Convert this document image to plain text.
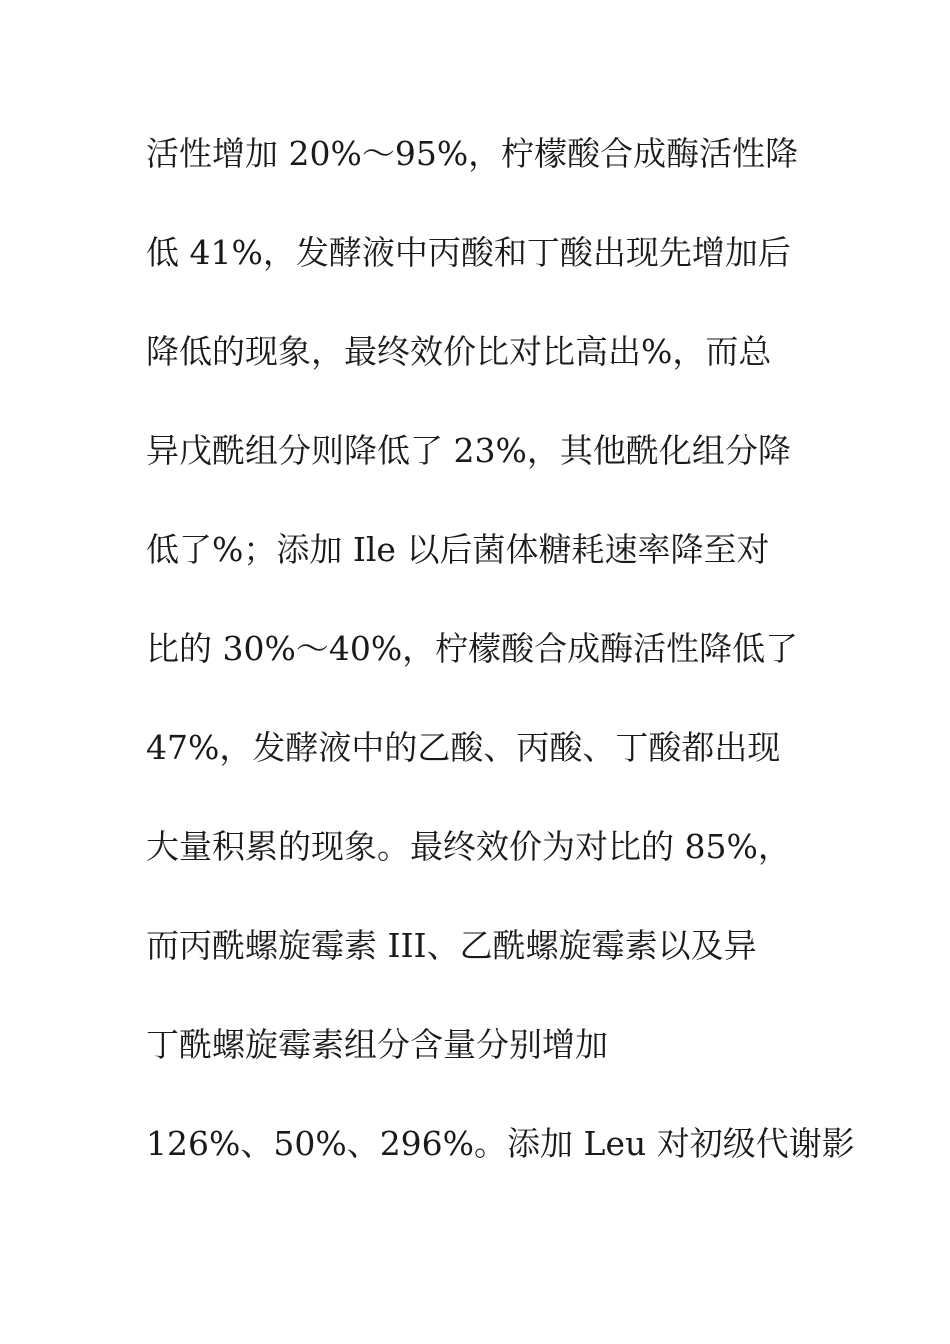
活性增加 20%～95%，柠檬酸合成酶活性降
低 41%，发酵液中丙酸和丁酸出现先增加后
降低的现象，最终效价比对比高出%，而总
异戊酰组分则降低了 23%，其他酰化组分降
低了%；添加 Ile 以后菌体糖耗速率降至对
比的 30%～40%，柠檬酸合成酶活性降低了
47%，发酵液中的乙酸、丙酸、丁酸都出现
大量积累的现象。最终效价为对比的 85%，
而丙酰螺旋霉素 III、乙酰螺旋霉素以及异
丁酰螺旋霉素组分含量分别增加
126%、50%、296%。添加 Leu 对初级代谢影
